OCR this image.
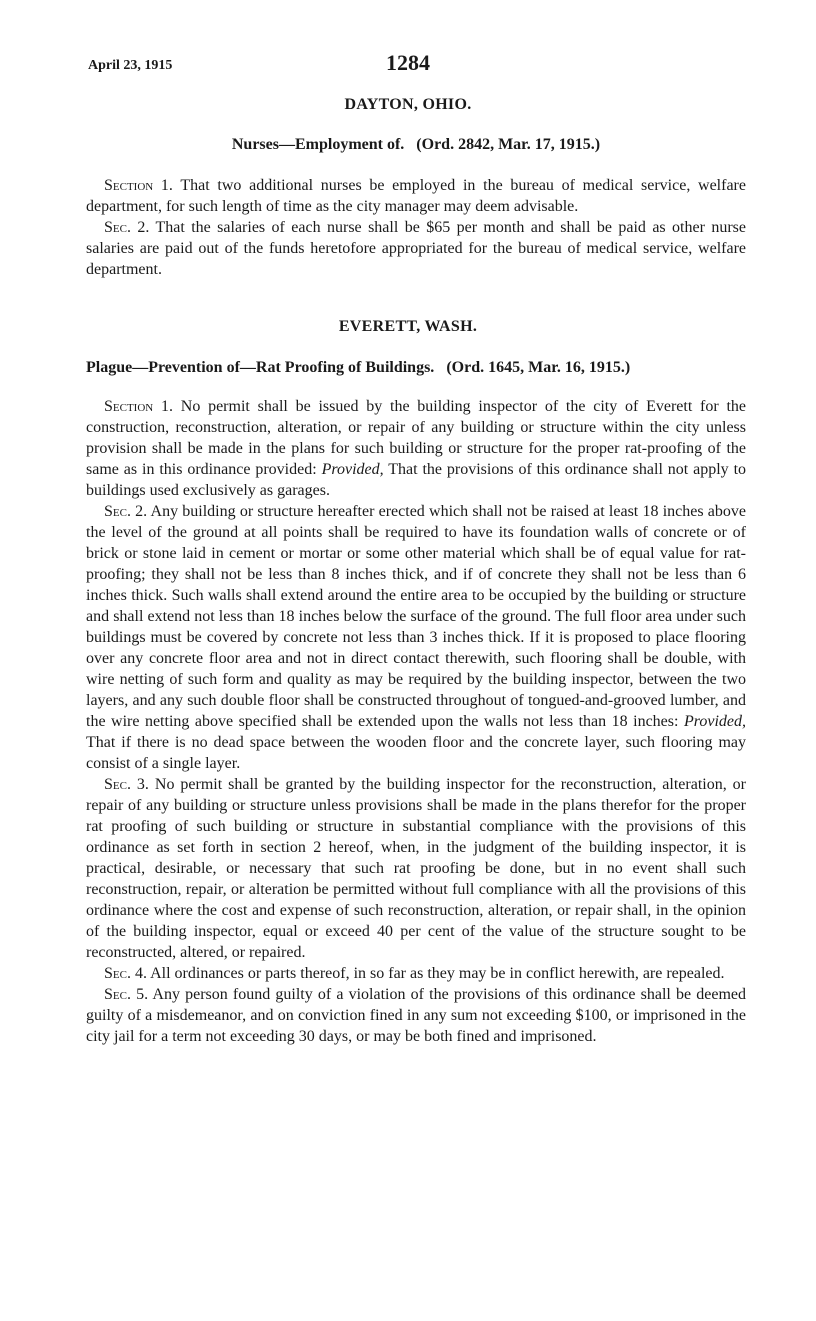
1284
April 23, 1915
DAYTON, OHIO.
Nurses—Employment of. (Ord. 2842, Mar. 17, 1915.)

Section 1. That two additional nurses be employed in the bureau of medical service, welfare department, for such length of time as the city manager may deem advisable.

Sec. 2. That the salaries of each nurse shall be $65 per month and shall be paid as other nurse salaries are paid out of the funds heretofore appropriated for the bureau of medical service, welfare department.

EVERETT, WASH.
Plague—Prevention of—Rat Proofing of Buildings. (Ord. 1645, Mar. 16, 1915.)

Section 1. No permit shall be issued by the building inspector of the city of Everett for the construction, reconstruction, alteration, or repair of any building or structure within the city unless provision shall be made in the plans for such building or structure for the proper rat-proofing of the same as in this ordinance provided: Provided, That the provisions of this ordinance shall not apply to buildings used exclusively as garages.

Sec. 2. Any building or structure hereafter erected which shall not be raised at least 18 inches above the level of the ground at all points shall be required to have its foundation walls of concrete or of brick or stone laid in cement or mortar or some other material which shall be of equal value for rat-proofing; they shall not be less than 8 inches thick, and if of concrete they shall not be less than 6 inches thick. Such walls shall extend around the entire area to be occupied by the building or structure and shall extend not less than 18 inches below the surface of the ground. The full floor area under such buildings must be covered by concrete not less than 3 inches thick. If it is proposed to place flooring over any concrete floor area and not in direct contact therewith, such flooring shall be double, with wire netting of such form and quality as may be required by the building inspector, between the two layers, and any such double floor shall be constructed throughout of tongued-and-grooved lumber, and the wire netting above specified shall be extended upon the walls not less than 18 inches: Provided, That if there is no dead space between the wooden floor and the concrete layer, such flooring may consist of a single layer.

Sec. 3. No permit shall be granted by the building inspector for the reconstruction, alteration, or repair of any building or structure unless provisions shall be made in the plans therefor for the proper rat proofing of such building or structure in substantial compliance with the provisions of this ordinance as set forth in section 2 hereof, when, in the judgment of the building inspector, it is practical, desirable, or necessary that such rat proofing be done, but in no event shall such reconstruction, repair, or alteration be permitted without full compliance with all the provisions of this ordinance where the cost and expense of such reconstruction, alteration, or repair shall, in the opinion of the building inspector, equal or exceed 40 per cent of the value of the structure sought to be reconstructed, altered, or repaired.

Sec. 4. All ordinances or parts thereof, in so far as they may be in conflict herewith, are repealed.

Sec. 5. Any person found guilty of a violation of the provisions of this ordinance shall be deemed guilty of a misdemeanor, and on conviction fined in any sum not exceeding $100, or imprisoned in the city jail for a term not exceeding 30 days, or may be both fined and imprisoned.
